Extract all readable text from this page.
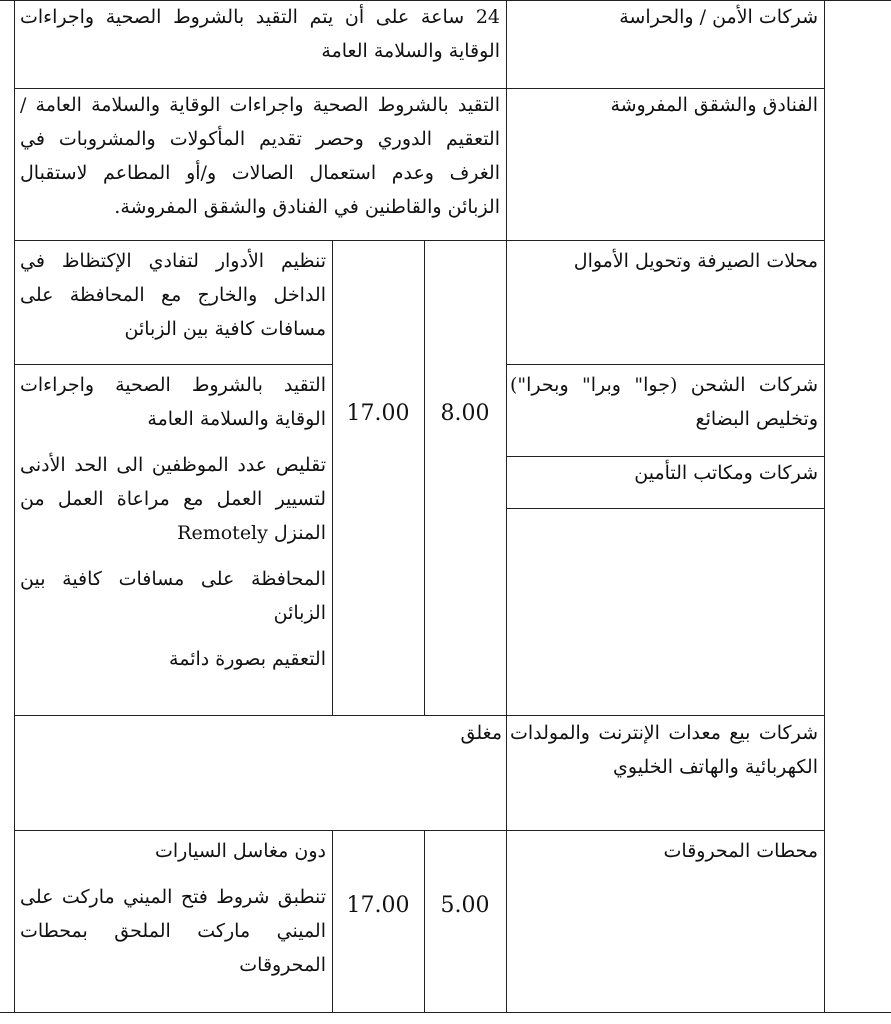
شركات الأمن / والحراسة

24 ساعة على أن يتم التقيد بالشروط الصحية واجراءات الوقاية والسلامة العامة

الفنادق والشقق المفروشة

التقيد بالشروط الصحية واجراءات الوقاية والسلامة العامة / التعقيم الدوري وحصر تقديم المأكولات والمشروبات في الغرف وعدم استعمال الصالات و/أو المطاعم لاستقبال الزبائن والقاطنين في الفنادق والشقق المفروشة.

محلات الصيرفة وتحويل الأموال

تنظيم الأدوار لتفادي الإكتظاظ في الداخل والخارج مع المحافظة على مسافات كافية بين الزبائن

شركات الشحن (جوا" وبرا" وبحرا") وتخليص البضائع

التقيد بالشروط الصحية واجراءات الوقاية والسلامة العامة

تقليص عدد الموظفين الى الحد الأدنى لتسيير العمل مع مراعاة العمل من المنزل Remotely

المحافظة على مسافات كافية بين الزبائن

التعقيم بصورة دائمة

شركات ومكاتب التأمين
8.00
17.00
شركات بيع معدات الإنترنت والمولدات الكهربائية والهاتف الخليوي
مغلق
محطات المحروقات

دون مغاسل السيارات

تنطبق شروط فتح الميني ماركت على الميني ماركت الملحق بمحطات المحروقات

5.00
17.00
